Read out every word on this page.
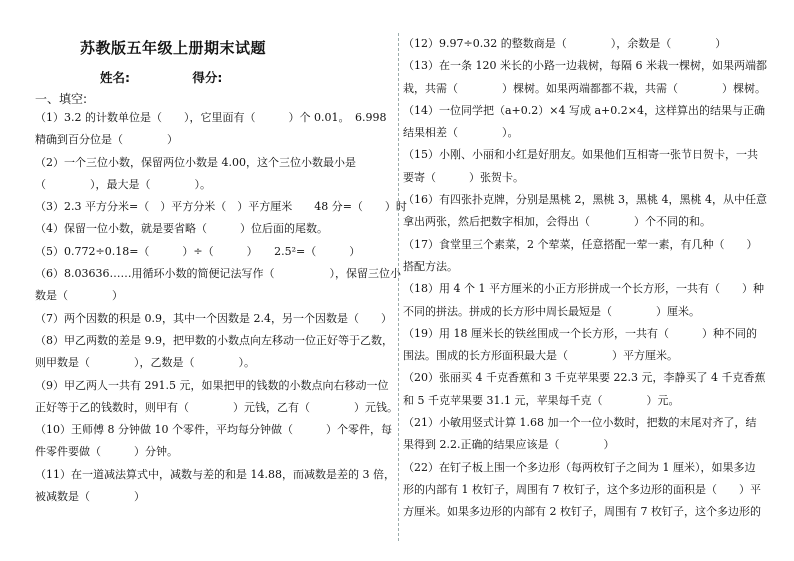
苏教版五年级上册期末试题
姓名:	得分:
一、填空:
（1）3.2 的计数单位是（　　），它里面有（　　　）个 0.01。　6.998
精确到百分位是（　　　　）
（2）一个三位小数，保留两位小数是 4.00，这个三位小数最小是
（　　　　），最大是（　　　　）。
（3）2.3 平方分米=（　）平方分米（　）平方厘米　　48 分=（　　）时
（4）保留一位小数，就是要省略（　　　）位后面的尾数。
（5）0.772÷0.18=（　　　）÷（　　　）　　2.5²=（　　　）
（6）8.03636……用循环小数的简便记法写作（　　　　　），保留三位小
数是（　　　　）
（7）两个因数的积是 0.9，其中一个因数是 2.4，另一个因数是（　　）
（8）甲乙两数的差是 9.9，把甲数的小数点向左移动一位正好等于乙数，
则甲数是（　　　　），乙数是（　　　　）。
（9）甲乙两人一共有 291.5 元，如果把甲的钱数的小数点向右移动一位
正好等于乙的钱数时，则甲有（　　　　）元钱，乙有（　　　　）元钱。
（10）王师傅 8 分钟做 10 个零件，平均每分钟做（　　　）个零件，每
件零件要做（　　　）分钟。
（11）在一道减法算式中，减数与差的和是 14.88，而减数是差的 3 倍，
被减数是（　　　　）
（12）9.97÷0.32 的整数商是（　　　　），余数是（　　　　）
（13）在一条 120 米长的小路一边栽树，每隔 6 米栽一棵树，如果两端都
栽，共需（　　　　）棵树。如果两端都都不栽，共需（　　　　）棵树。
（14）一位同学把（a+0.2）×4 写成 a+0.2×4，这样算出的结果与正确
结果相差（　　　　）。
（15）小刚、小丽和小红是好朋友。如果他们互相寄一张节日贺卡，一共
要寄（　　　）张贺卡。
（16）有四张扑克牌，分别是黑桃 2，黑桃 3，黑桃 4，黑桃 4，从中任意
拿出两张，然后把数字相加，会得出（　　　　）个不同的和。
（17）食堂里三个素菜，2 个荤菜，任意搭配一荤一素，有几种（　　）
搭配方法。
（18）用 4 个 1 平方厘米的小正方形拼成一个长方形，一共有（　　）种
不同的拼法。拼成的长方形中周长最短是（　　　　）厘米。
（19）用 18 厘米长的铁丝围成一个长方形，一共有（　　　）种不同的
围法。围成的长方形面积最大是（　　　　）平方厘米。
（20）张丽买 4 千克香蕉和 3 千克苹果要 22.3 元，李静买了 4 千克香蕉
和 5 千克苹果要 31.1 元，苹果每千克（　　　　）元。
（21）小敏用竖式计算 1.68 加一个一位小数时，把数的末尾对齐了，结
果得到 2.2.正确的结果应该是（　　　　）
（22）在钉子板上围一个多边形（每两枚钉子之间为 1 厘米），如果多边
形的内部有 1 枚钉子，周围有 7 枚钉子，这个多边形的面积是（　　）平
方厘米。如果多边形的内部有 2 枚钉子，周围有 7 枚钉子，这个多边形的
